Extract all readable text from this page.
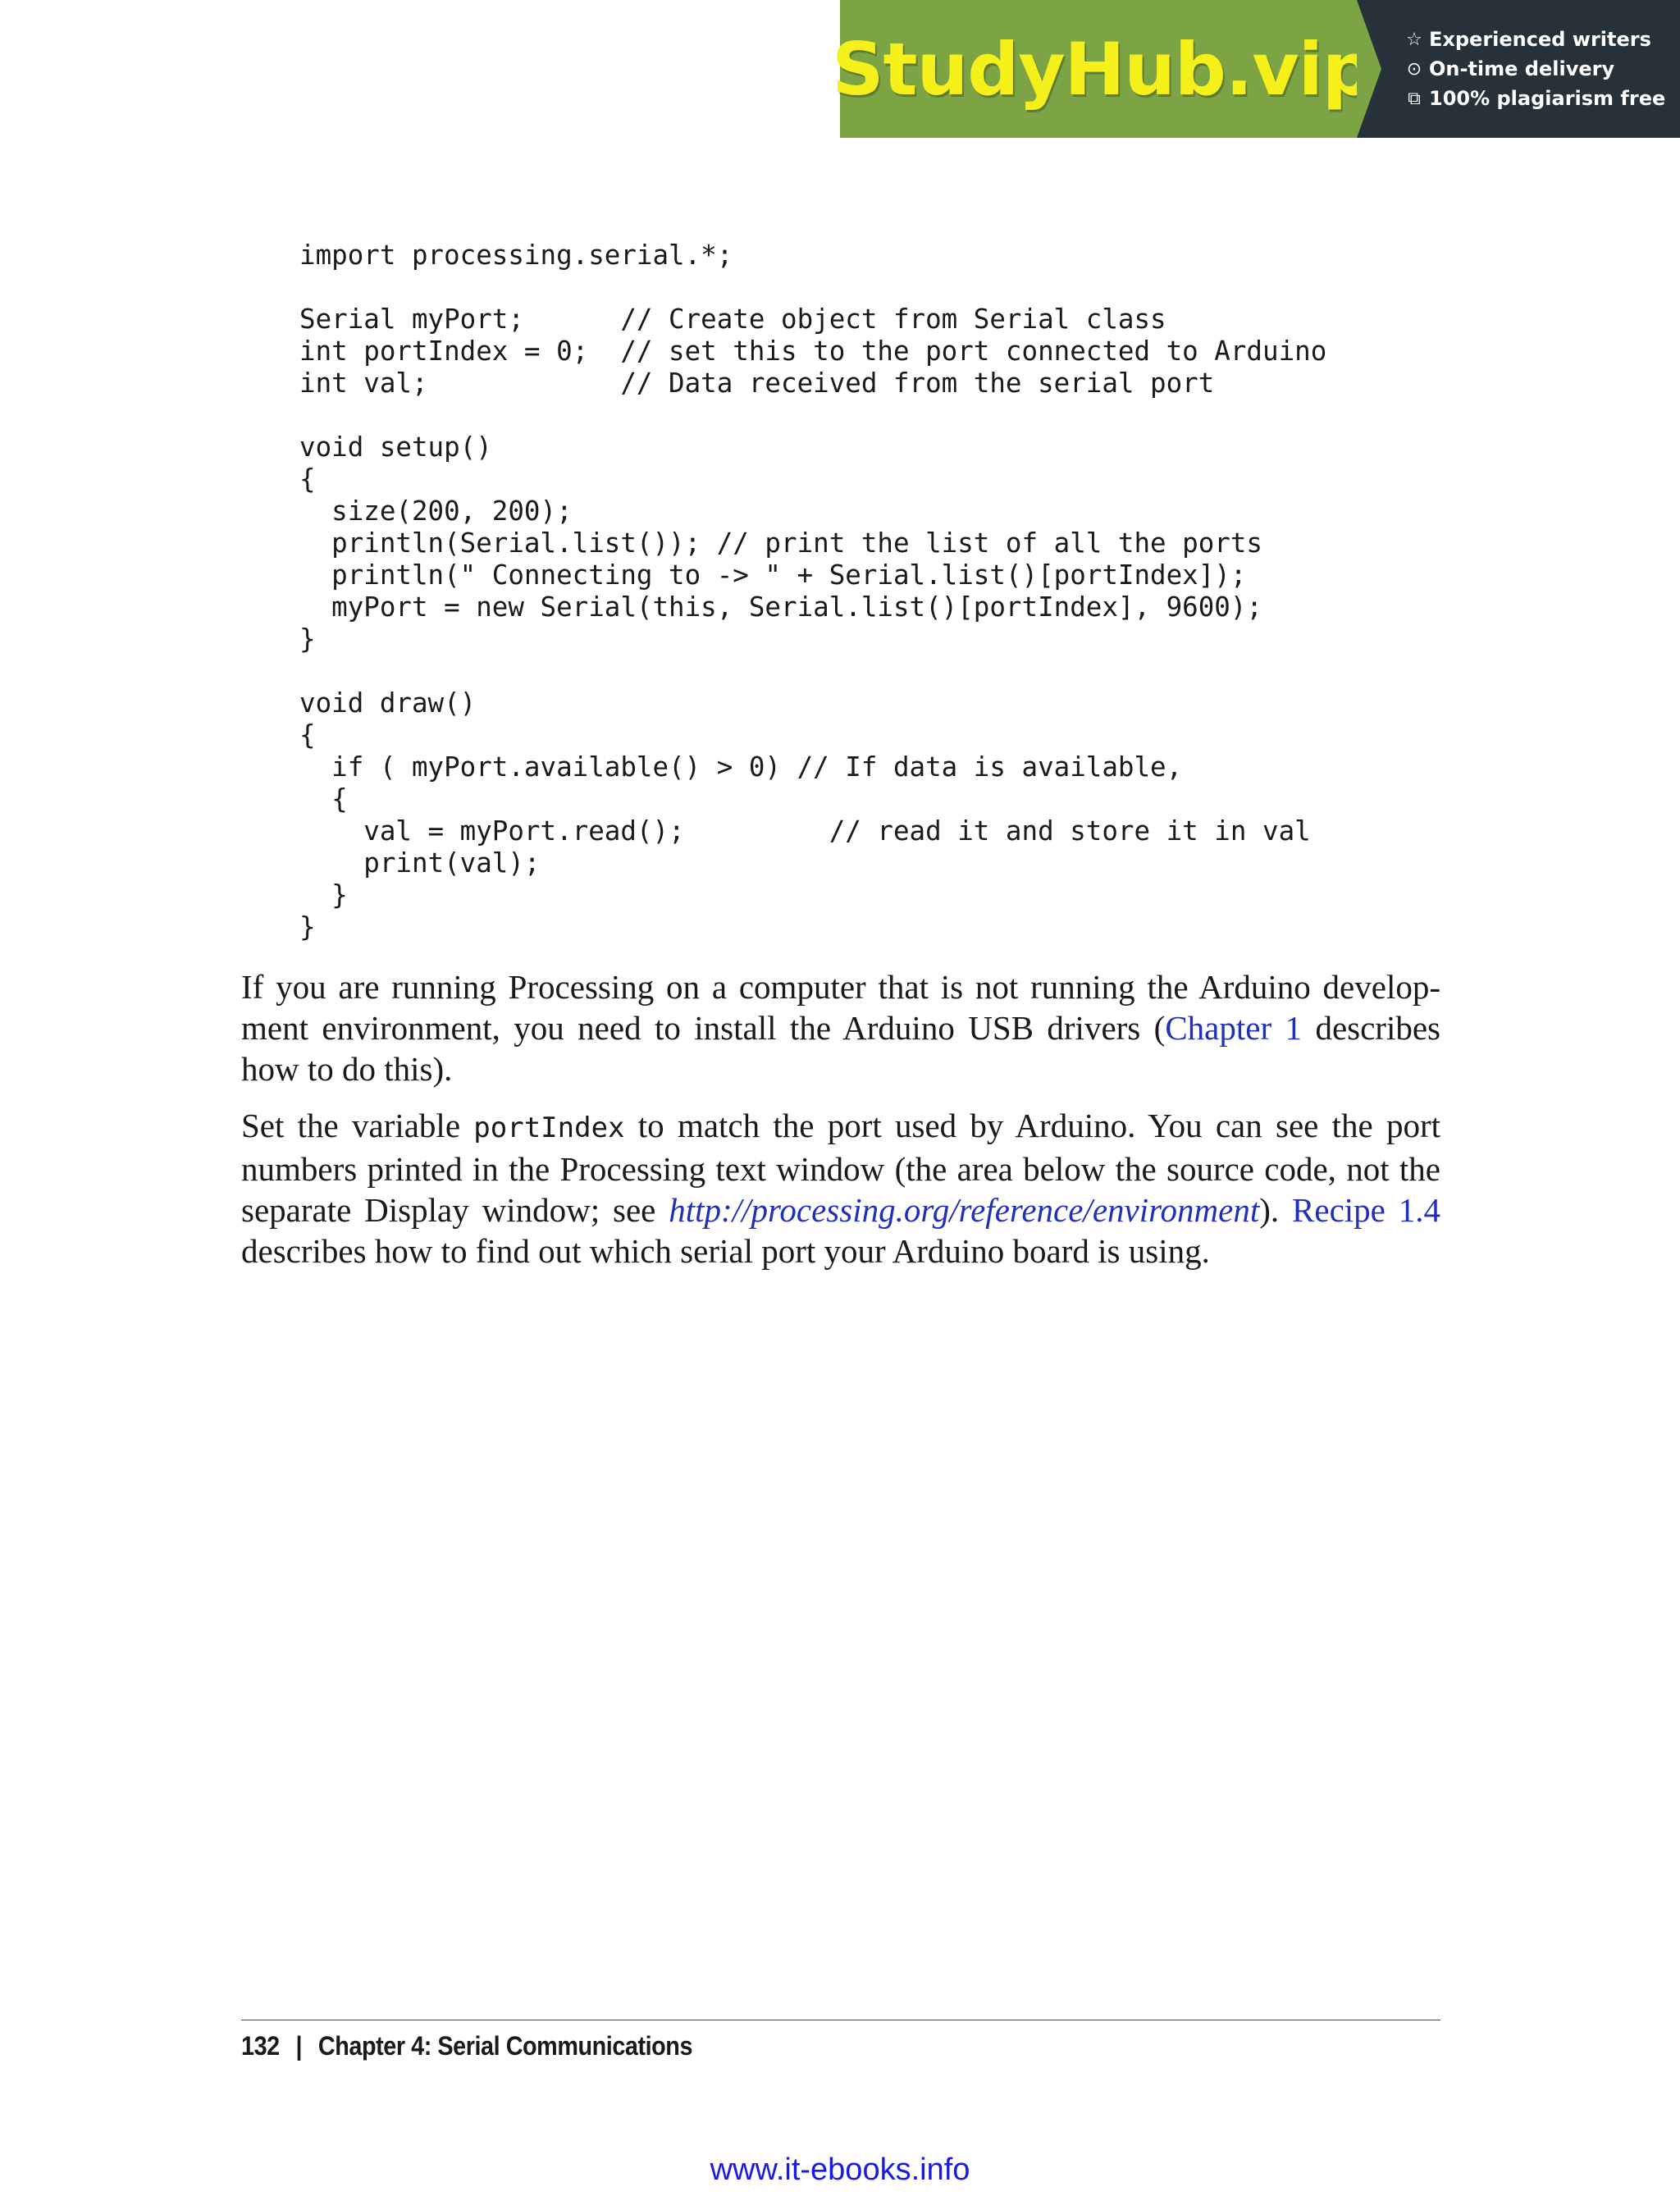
StudyHub.vip ☆ Experienced writers
⊙ On-time delivery
⧉ 100% plagiarism free
import processing.serial.*;

Serial myPort;      // Create object from Serial class
int portIndex = 0;  // set this to the port connected to Arduino
int val;            // Data received from the serial port

void setup()
{
size(200, 200);
println(Serial.list()); // print the list of all the ports
println(" Connecting to -> " + Serial.list()[portIndex]);
myPort = new Serial(this, Serial.list()[portIndex], 9600);
}

void draw()
{
if ( myPort.available() > 0) // If data is available,
{
val = myPort.read();         // read it and store it in val
print(val);
}
}

If you are running Processing on a computer that is not running the Arduino development environment, you need to install the Arduino USB drivers (Chapter 1 describes how to do this).

Set the variable portIndex to match the port used by Arduino. You can see the port numbers printed in the Processing text window (the area below the source code, not the separate Display window; see http://processing.org/reference/environment). Recipe 1.4 describes how to find out which serial port your Arduino board is using.

132 | Chapter 4: Serial Communications
www.it-ebooks.info
